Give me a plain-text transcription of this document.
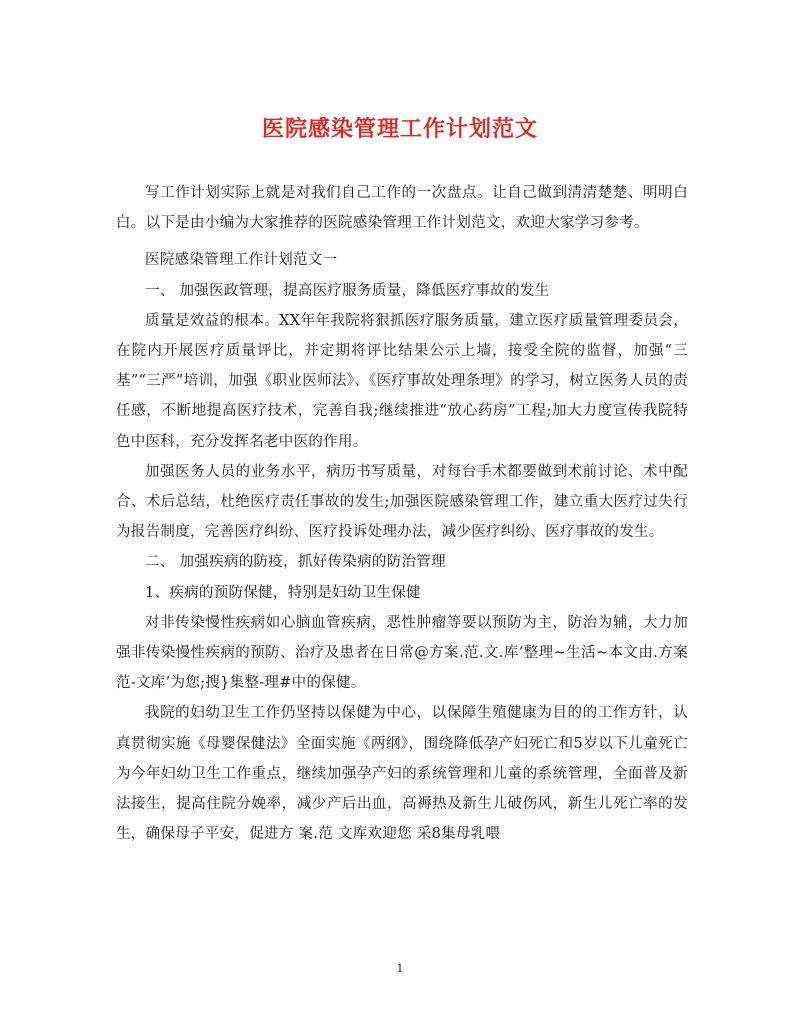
医院感染管理工作计划范文

写工作计划实际上就是对我们自己工作的一次盘点。让自己做到清清楚楚、明明白白。以下是由小编为大家推荐的医院感染管理工作计划范文，欢迎大家学习参考。

医院感染管理工作计划范文一

一、 加强医政管理，提高医疗服务质量，降低医疗事故的发生

质量是效益的根本。XX年年我院将狠抓医疗服务质量，建立医疗质量管理委员会，在院内开展医疗质量评比，并定期将评比结果公示上墙，接受全院的监督，加强“三基”“三严”培训，加强《职业医师法》、《医疗事故处理条理》的学习，树立医务人员的责任感，不断地提高医疗技术，完善自我;继续推进“放心药房”工程;加大力度宣传我院特色中医科，充分发挥名老中医的作用。

加强医务人员的业务水平，病历书写质量，对每台手术都要做到术前讨论、术中配合、术后总结，杜绝医疗责任事故的发生;加强医院感染管理工作，建立重大医疗过失行为报告制度，完善医疗纠纷、医疗投诉处理办法，减少医疗纠纷、医疗事故的发生。

二、 加强疾病的防疫，抓好传染病的防治管理

1、疾病的预防保健，特别是妇幼卫生保健

对非传染慢性疾病如心脑血管疾病，恶性肿瘤等要以预防为主，防治为辅，大力加强非传染慢性疾病的预防、治疗及患者在日常@方案.范.文.库’整理~生活~本文由.方案范-文库’为您;搜}集整-理#中的保健。

我院的妇幼卫生工作仍坚持以保健为中心，以保障生殖健康为目的的工作方针，认真贯彻实施《母婴保健法》全面实施《两纲》，围绕降低孕产妇死亡和5岁以下儿童死亡为今年妇幼卫生工作重点，继续加强孕产妇的系统管理和儿童的系统管理，全面普及新法接生，提高住院分娩率，减少产后出血，高褥热及新生儿破伤风，新生儿死亡率的发生，确保母子平安，促进方 案.范 文库欢迎您 采8集母乳喂

1
